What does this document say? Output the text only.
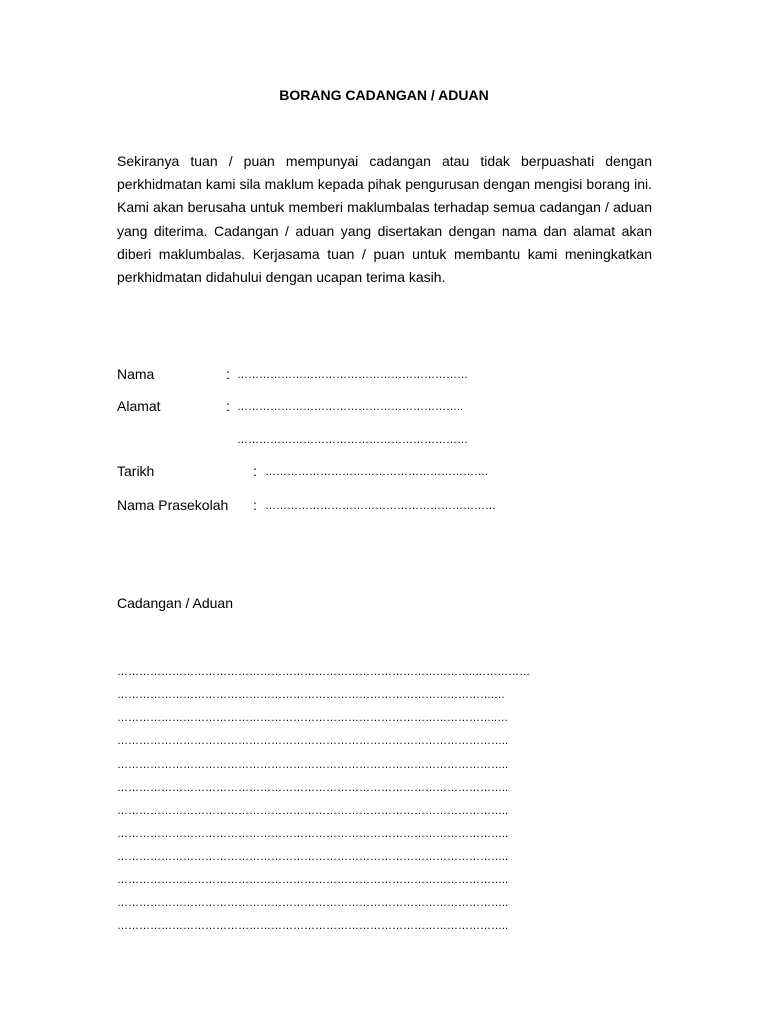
BORANG CADANGAN / ADUAN
Sekiranya tuan / puan mempunyai cadangan atau tidak berpuashati dengan perkhidmatan kami sila maklum kepada pihak pengurusan dengan mengisi borang ini. Kami akan berusaha untuk memberi maklumbalas terhadap semua cadangan / aduan yang diterima. Cadangan / aduan yang disertakan dengan nama dan alamat akan diberi maklumbalas. Kerjasama tuan / puan untuk membantu kami meningkatkan perkhidmatan didahului dengan ucapan terima kasih.
Nama	: ………………………………………………………
Alamat	: ……………………………………………………..
………………………………………………………
Tarikh	: …………………………………………………….
Nama Prasekolah : ………………………………………………………
Cadangan / Aduan
……………………………………………………………………………………..……………
………………………………………………………………………………………….…
…………………………………………………………………………………………..…
……………………………………………………………………………………………..
……………………………………………………………………………………………..
……………………………………………………………………………………………..
……………………………………………………………………………………………..
……………………………………………………………………………………………..
……………………………………………………………………………………………..
……………………………………………………………………………………………..
……………………………………………………………………………………………..
……………………………………………………………………………………………..
